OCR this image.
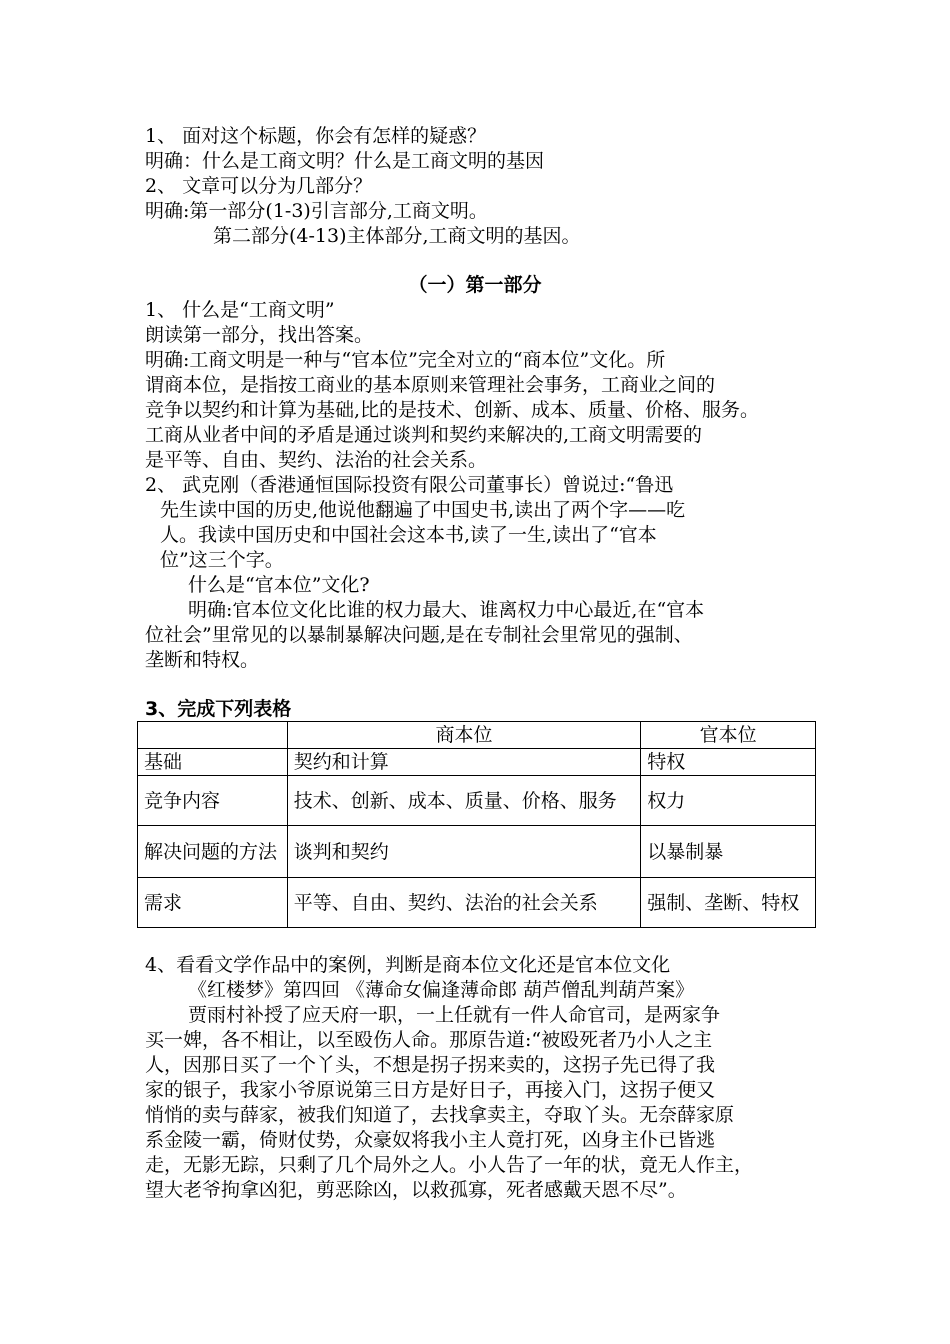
1、 面对这个标题，你会有怎样的疑惑？
明确：什么是工商文明？什么是工商文明的基因
2、 文章可以分为几部分？
明确:第一部分(1-3)引言部分,工商文明。
第二部分(4-13)主体部分,工商文明的基因。
（一）第一部分
1、 什么是“工商文明”
朗读第一部分，找出答案。
明确:工商文明是一种与“官本位”完全对立的“商本位”文化。所
谓商本位，是指按工商业的基本原则来管理社会事务，工商业之间的
竞争以契约和计算为基础,比的是技术、创新、成本、质量、价格、服务。
工商从业者中间的矛盾是通过谈判和契约来解决的,工商文明需要的
是平等、自由、契约、法治的社会关系。
2、 武克刚（香港通恒国际投资有限公司董事长）曾说过:“鲁迅
先生读中国的历史,他说他翻遍了中国史书,读出了两个字——吃
人。我读中国历史和中国社会这本书,读了一生,读出了“官本
位”这三个字。
什么是“官本位”文化?
明确:官本位文化比谁的权力最大、谁离权力中心最近,在“官本
位社会”里常见的以暴制暴解决问题,是在专制社会里常见的强制、
垄断和特权。
3、完成下列表格
	商本位	官本位
基础	契约和计算	特权
竞争内容	技术、创新、成本、质量、价格、服务	权力
解决问题的方法	谈判和契约	以暴制暴
需求	平等、自由、契约、法治的社会关系	强制、垄断、特权
4、看看文学作品中的案例，判断是商本位文化还是官本位文化
《红楼梦》第四回 《薄命女偏逢薄命郎 葫芦僧乱判葫芦案》
贾雨村补授了应天府一职，一上任就有一件人命官司，是两家争
买一婢，各不相让，以至殴伤人命。那原告道:“被殴死者乃小人之主
人，因那日买了一个丫头，不想是拐子拐来卖的，这拐子先已得了我
家的银子，我家小爷原说第三日方是好日子，再接入门，这拐子便又
悄悄的卖与薛家，被我们知道了，去找拿卖主，夺取丫头。无奈薛家原
系金陵一霸，倚财仗势，众豪奴将我小主人竟打死，凶身主仆已皆逃
走，无影无踪，只剩了几个局外之人。小人告了一年的状，竟无人作主，
望大老爷拘拿凶犯，剪恶除凶，以救孤寡，死者感戴天恩不尽”。
